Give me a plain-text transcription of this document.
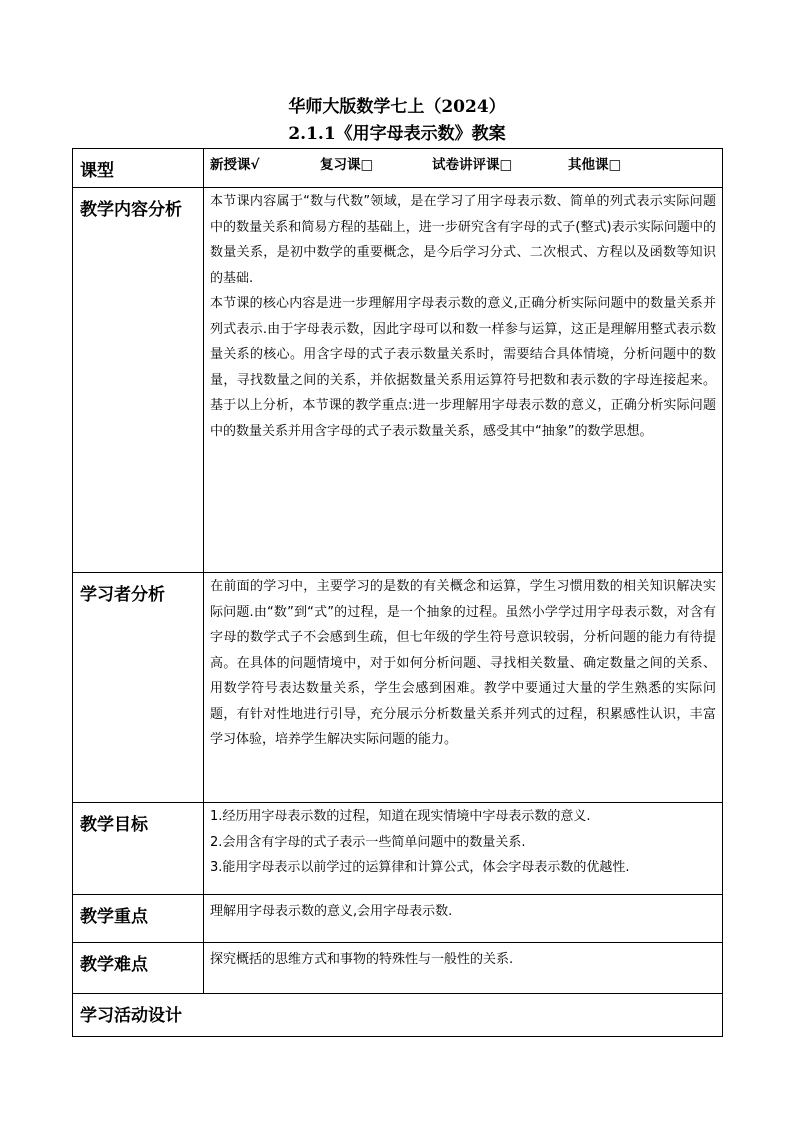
华师大版数学七上（2024）
2.1.1《用字母表示数》教案
课型	新授课√ 复习课□ 试卷讲评课□ 其他课□

教学内容分析	本节课内容属于“数与代数”领域，是在学习了用字母表示数、简单的列式表示实际问题中的数量关系和简易方程的基础上，进一步研究含有字母的式子(整式)表示实际问题中的数量关系，是初中数学的重要概念，是今后学习分式、二次根式、方程以及函数等知识的基础.

本节课的核心内容是进一步理解用字母表示数的意义,正确分析实际问题中的数量关系并列式表示.由于字母表示数，因此字母可以和数一样参与运算，这正是理解用整式表示数量关系的核心。用含字母的式子表示数量关系时，需要结合具体情境，分析问题中的数量，寻找数量之间的关系，并依据数量关系用运算符号把数和表示数的字母连接起来。基于以上分析，本节课的教学重点:进一步理解用字母表示数的意义，正确分析实际问题中的数量关系并用含字母的式子表示数量关系，感受其中“抽象”的数学思想。

学习者分析	在前面的学习中，主要学习的是数的有关概念和运算，学生习惯用数的相关知识解决实际问题.由“数”到“式”的过程，是一个抽象的过程。虽然小学学过用字母表示数，对含有字母的数学式子不会感到生疏，但七年级的学生符号意识较弱，分析问题的能力有待提高。在具体的问题情境中，对于如何分析问题、寻找相关数量、确定数量之间的关系、用数学符号表达数量关系，学生会感到困难。教学中要通过大量的学生熟悉的实际问题，有针对性地进行引导，充分展示分析数量关系并列式的过程，积累感性认识，丰富学习体验，培养学生解决实际问题的能力。

教学目标	1.经历用字母表示数的过程，知道在现实情境中字母表示数的意义.

2.会用含有字母的式子表示一些简单问题中的数量关系.

3.能用字母表示以前学过的运算律和计算公式，体会字母表示数的优越性.

教学重点	理解用字母表示数的意义,会用字母表示数.
教学难点	探究概括的思维方式和事物的特殊性与一般性的关系.
学习活动设计	
